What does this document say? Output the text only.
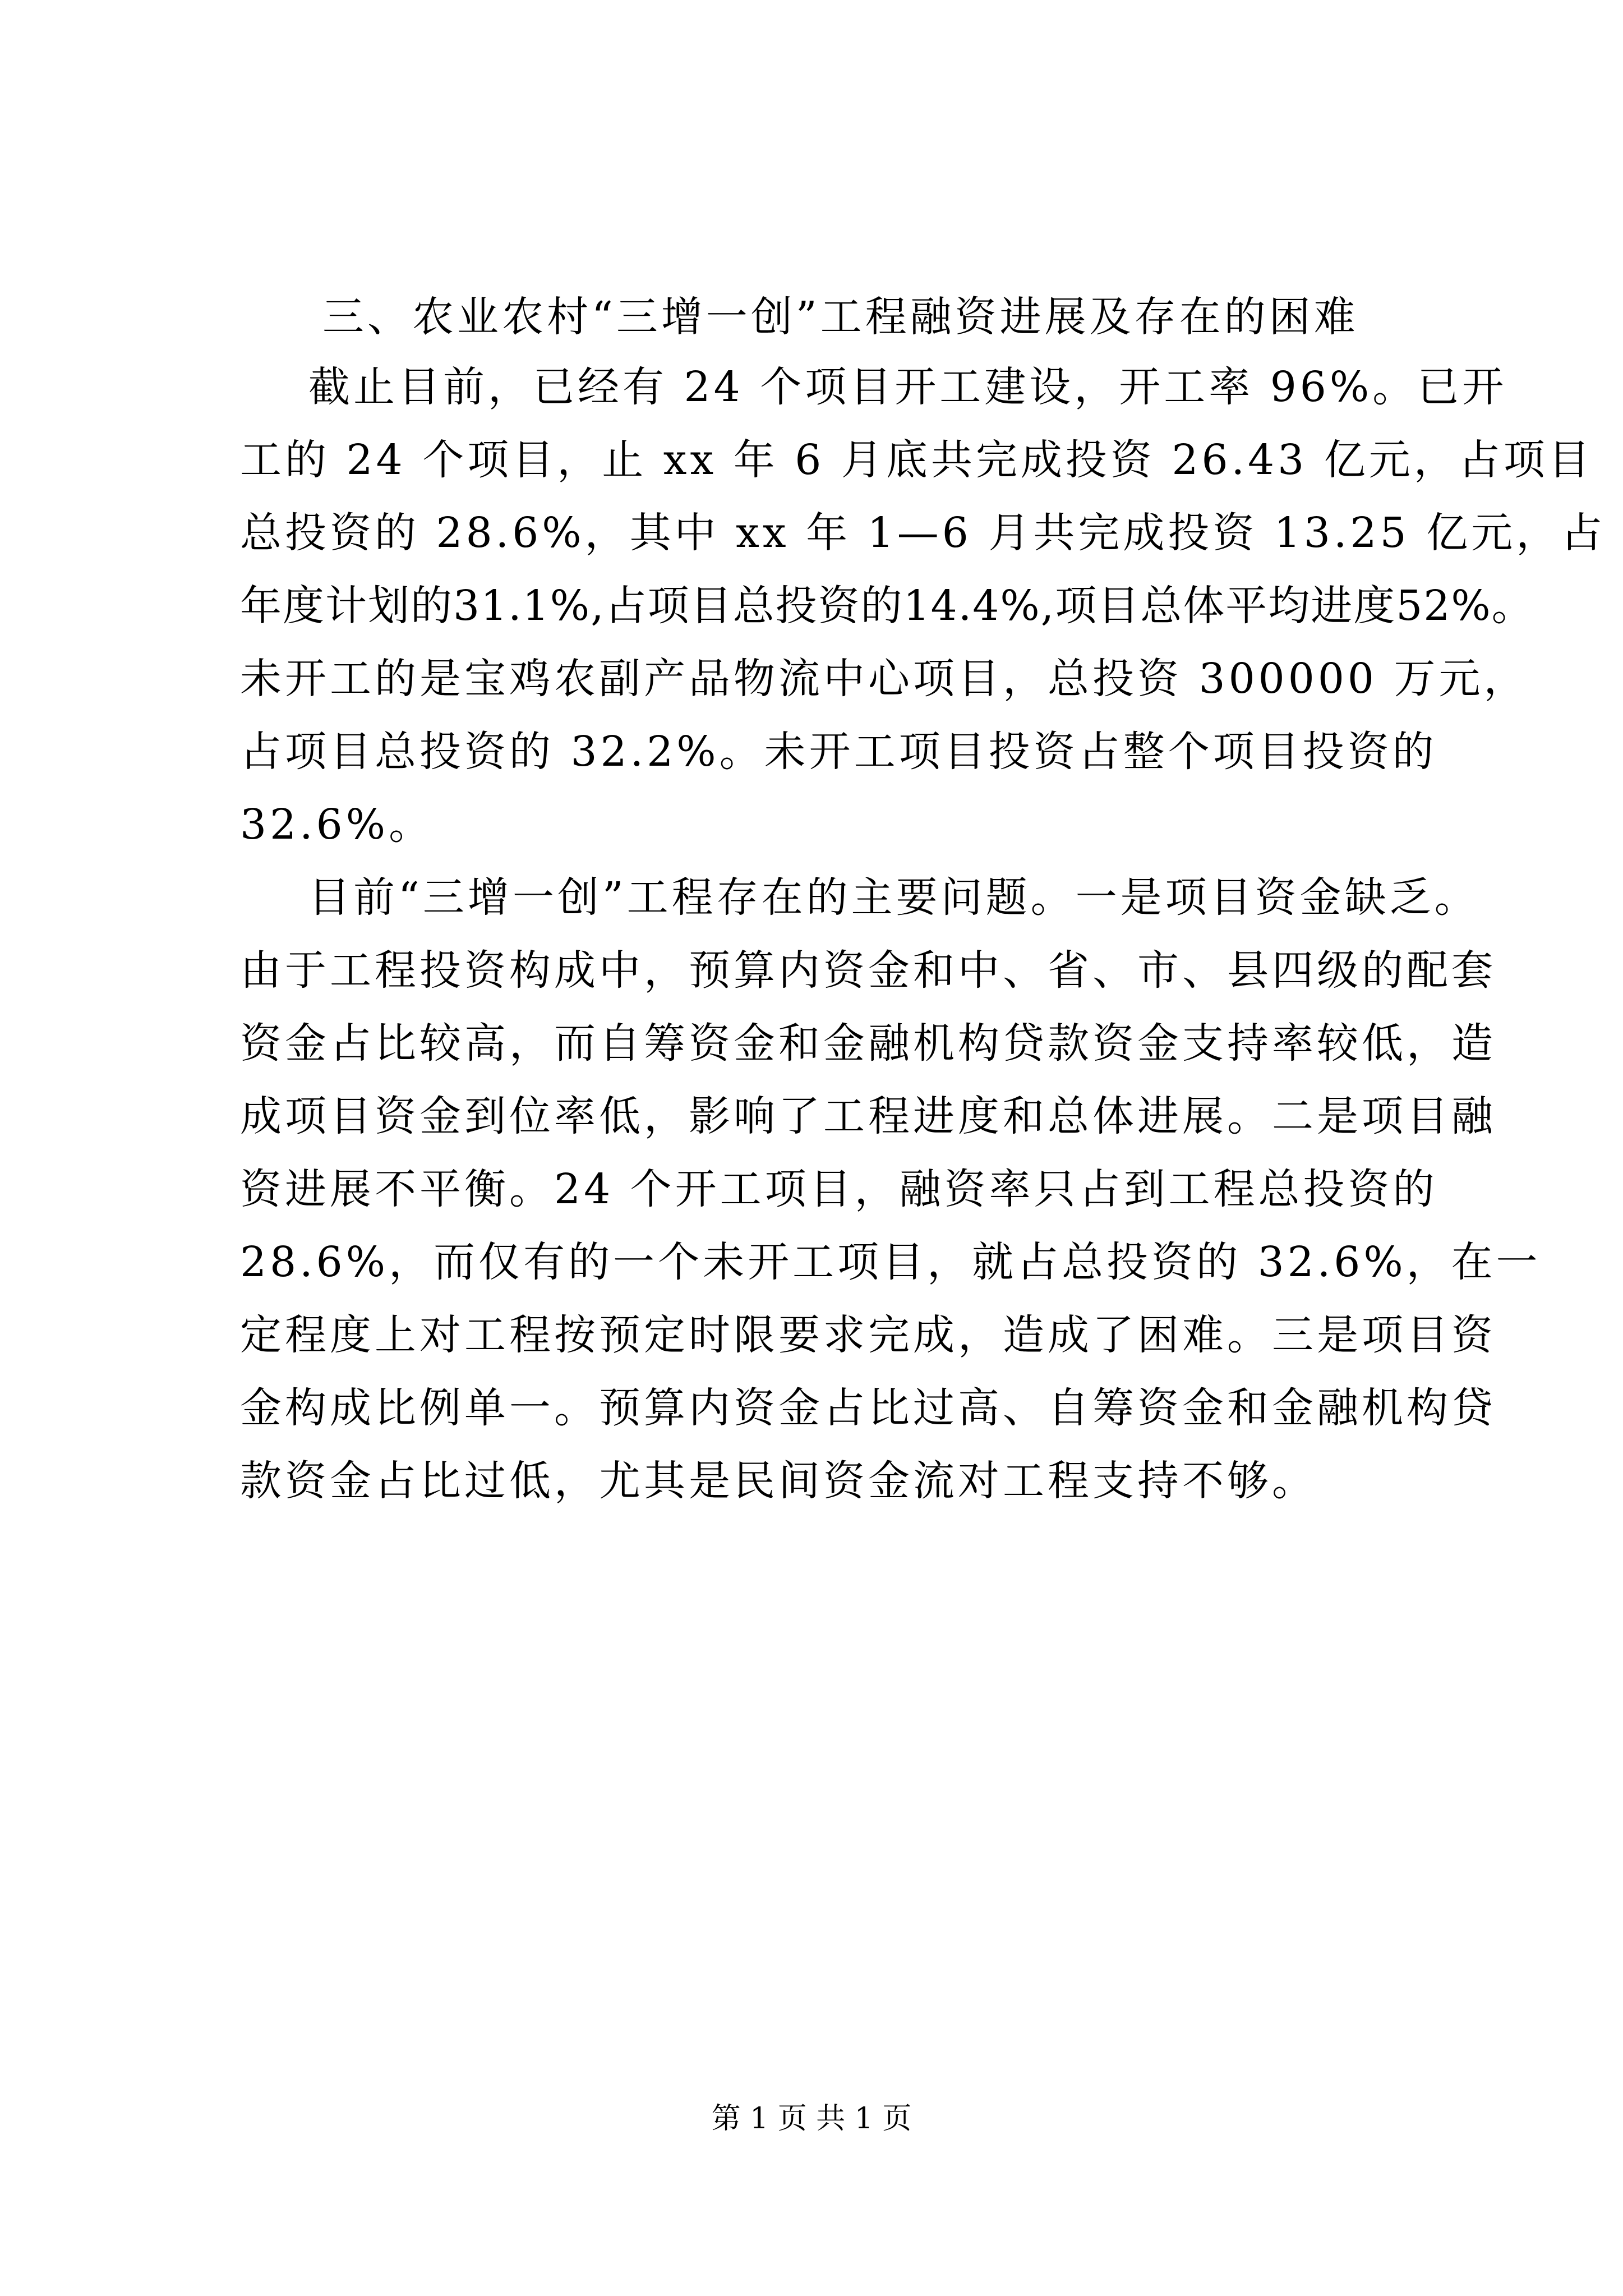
三、农业农村“三增一创”工程融资进展及存在的困难
截止目前，已经有 24 个项目开工建设，开工率 96%。已开
工的 24 个项目，止 xx 年 6 月底共完成投资 26.43 亿元，占项目
总投资的 28.6%，其中 xx 年 1—6 月共完成投资 13.25 亿元，占
年度计划的31.1%,占项目总投资的14.4%,项目总体平均进度52%。
未开工的是宝鸡农副产品物流中心项目，总投资 300000 万元，
占项目总投资的 32.2%。未开工项目投资占整个项目投资的
32.6%。
目前“三增一创”工程存在的主要问题。一是项目资金缺乏。
由于工程投资构成中，预算内资金和中、省、市、县四级的配套
资金占比较高，而自筹资金和金融机构贷款资金支持率较低，造
成项目资金到位率低，影响了工程进度和总体进展。二是项目融
资进展不平衡。24 个开工项目，融资率只占到工程总投资的
28.6%，而仅有的一个未开工项目，就占总投资的 32.6%，在一
定程度上对工程按预定时限要求完成，造成了困难。三是项目资
金构成比例单一。预算内资金占比过高、自筹资金和金融机构贷
款资金占比过低，尤其是民间资金流对工程支持不够。
第 1 页 共 1 页
